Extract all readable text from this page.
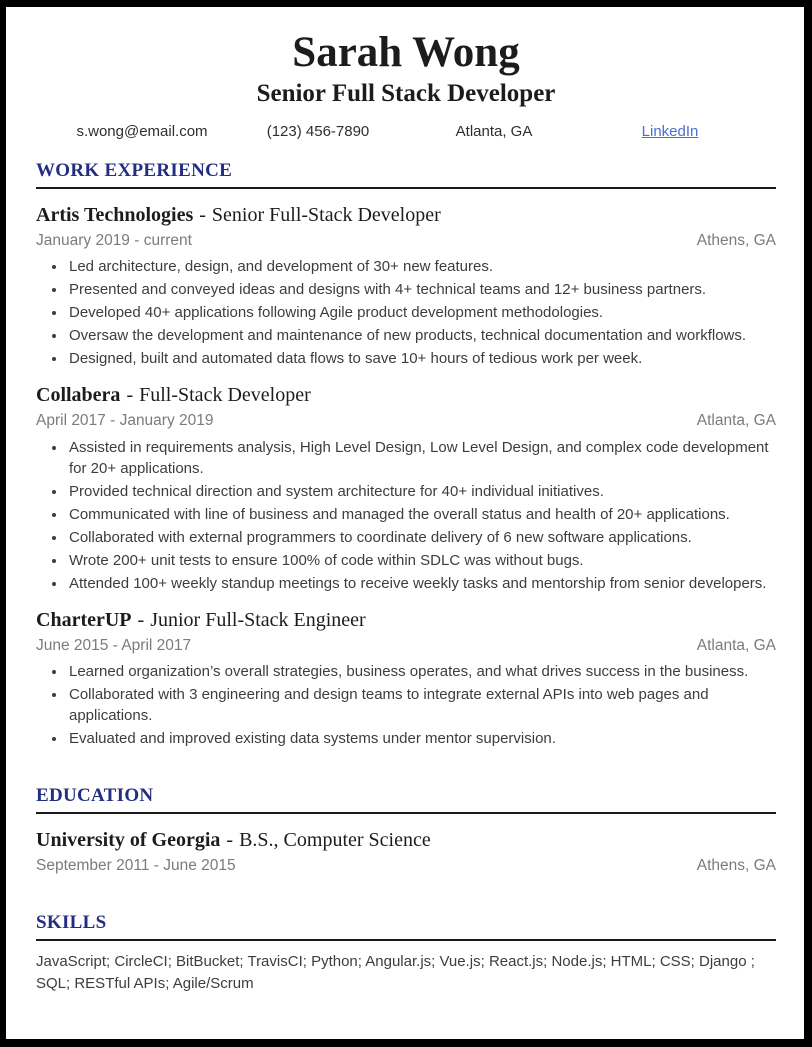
Sarah Wong
Senior Full Stack Developer
s.wong@email.com	(123) 456-7890	Atlanta, GA	LinkedIn
WORK EXPERIENCE
Artis Technologies - Senior Full-Stack Developer
January 2019 - current	Athens, GA
• Led architecture, design, and development of 30+ new features.
• Presented and conveyed ideas and designs with 4+ technical teams and 12+ business partners.
• Developed 40+ applications following Agile product development methodologies.
• Oversaw the development and maintenance of new products, technical documentation and workflows.
• Designed, built and automated data flows to save 10+ hours of tedious work per week.
Collabera - Full-Stack Developer
April 2017 - January 2019	Atlanta, GA
• Assisted in requirements analysis, High Level Design, Low Level Design, and complex code development for 20+ applications.
• Provided technical direction and system architecture for 40+ individual initiatives.
• Communicated with line of business and managed the overall status and health of 20+ applications.
• Collaborated with external programmers to coordinate delivery of 6 new software applications.
• Wrote 200+ unit tests to ensure 100% of code within SDLC was without bugs.
• Attended 100+ weekly standup meetings to receive weekly tasks and mentorship from senior developers.
CharterUP - Junior Full-Stack Engineer
June 2015 - April 2017	Atlanta, GA
• Learned organization’s overall strategies, business operates, and what drives success in the business.
• Collaborated with 3 engineering and design teams to integrate external APIs into web pages and applications.
• Evaluated and improved existing data systems under mentor supervision.
EDUCATION
University of Georgia - B.S., Computer Science
September 2011 - June 2015	Athens, GA
SKILLS

JavaScript; CircleCI; BitBucket; TravisCI; Python; Angular.js; Vue.js; React.js; Node.js; HTML; CSS; Django ; SQL; RESTful APIs; Agile/Scrum
